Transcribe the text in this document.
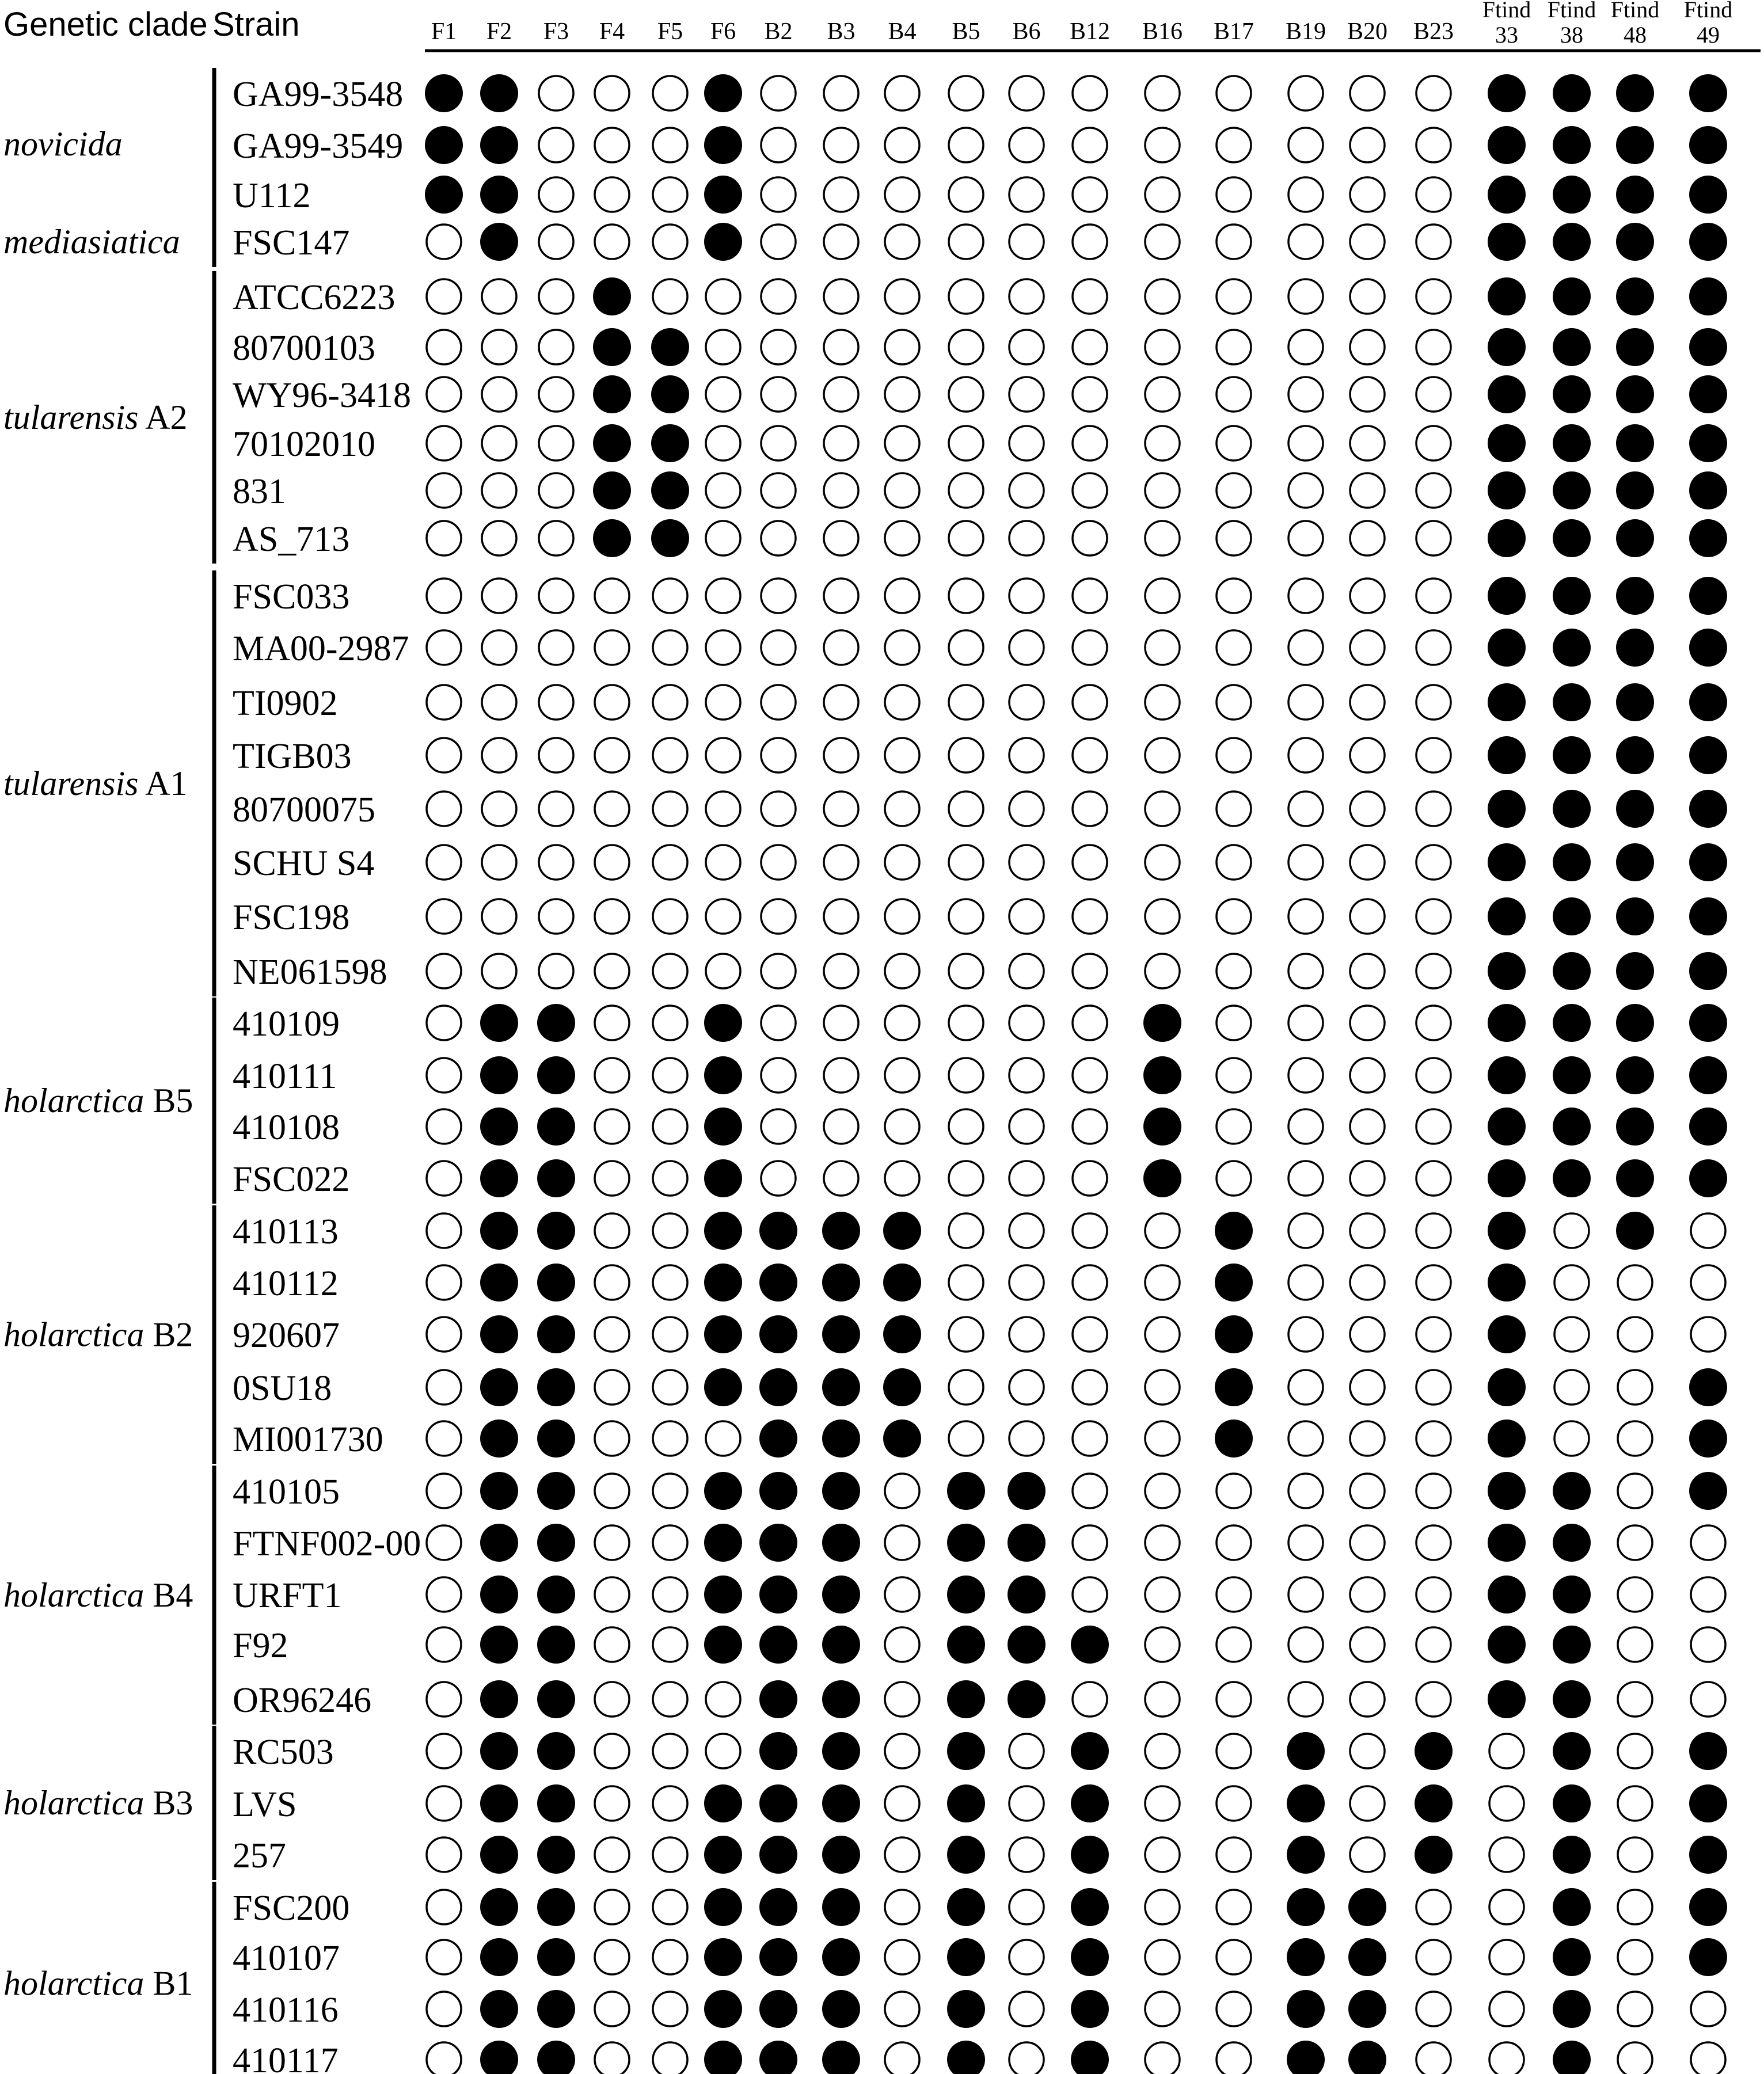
Genetic clade Strain	F1 F2 F3 F4 F5 F6 B2 B3 B4 B5 B6 B12 B16 B17 B19 B20 B23
Ftind
33
Ftind
38
Ftind
48
Ftind
49
novicida
mediasiatica
tularensis A2
tularensis A1
holarctica B5
holarctica B2
holarctica B4
holarctica B3
holarctica B1
GA99-3548
GA99-3549
U112
FSC147
ATCC6223
80700103
WY96-3418
70102010
831
AS_713
FSC033
MA00-2987
TI0902
TIGB03
80700075
SCHU S4
FSC198
NE061598
410109
410111
410108
FSC022
410113
410112
920607
0SU18
MI001730
410105
FTNF002-00
URFT1
F92
OR96246
RC503
LVS
257
FSC200
410107
410116
410117
